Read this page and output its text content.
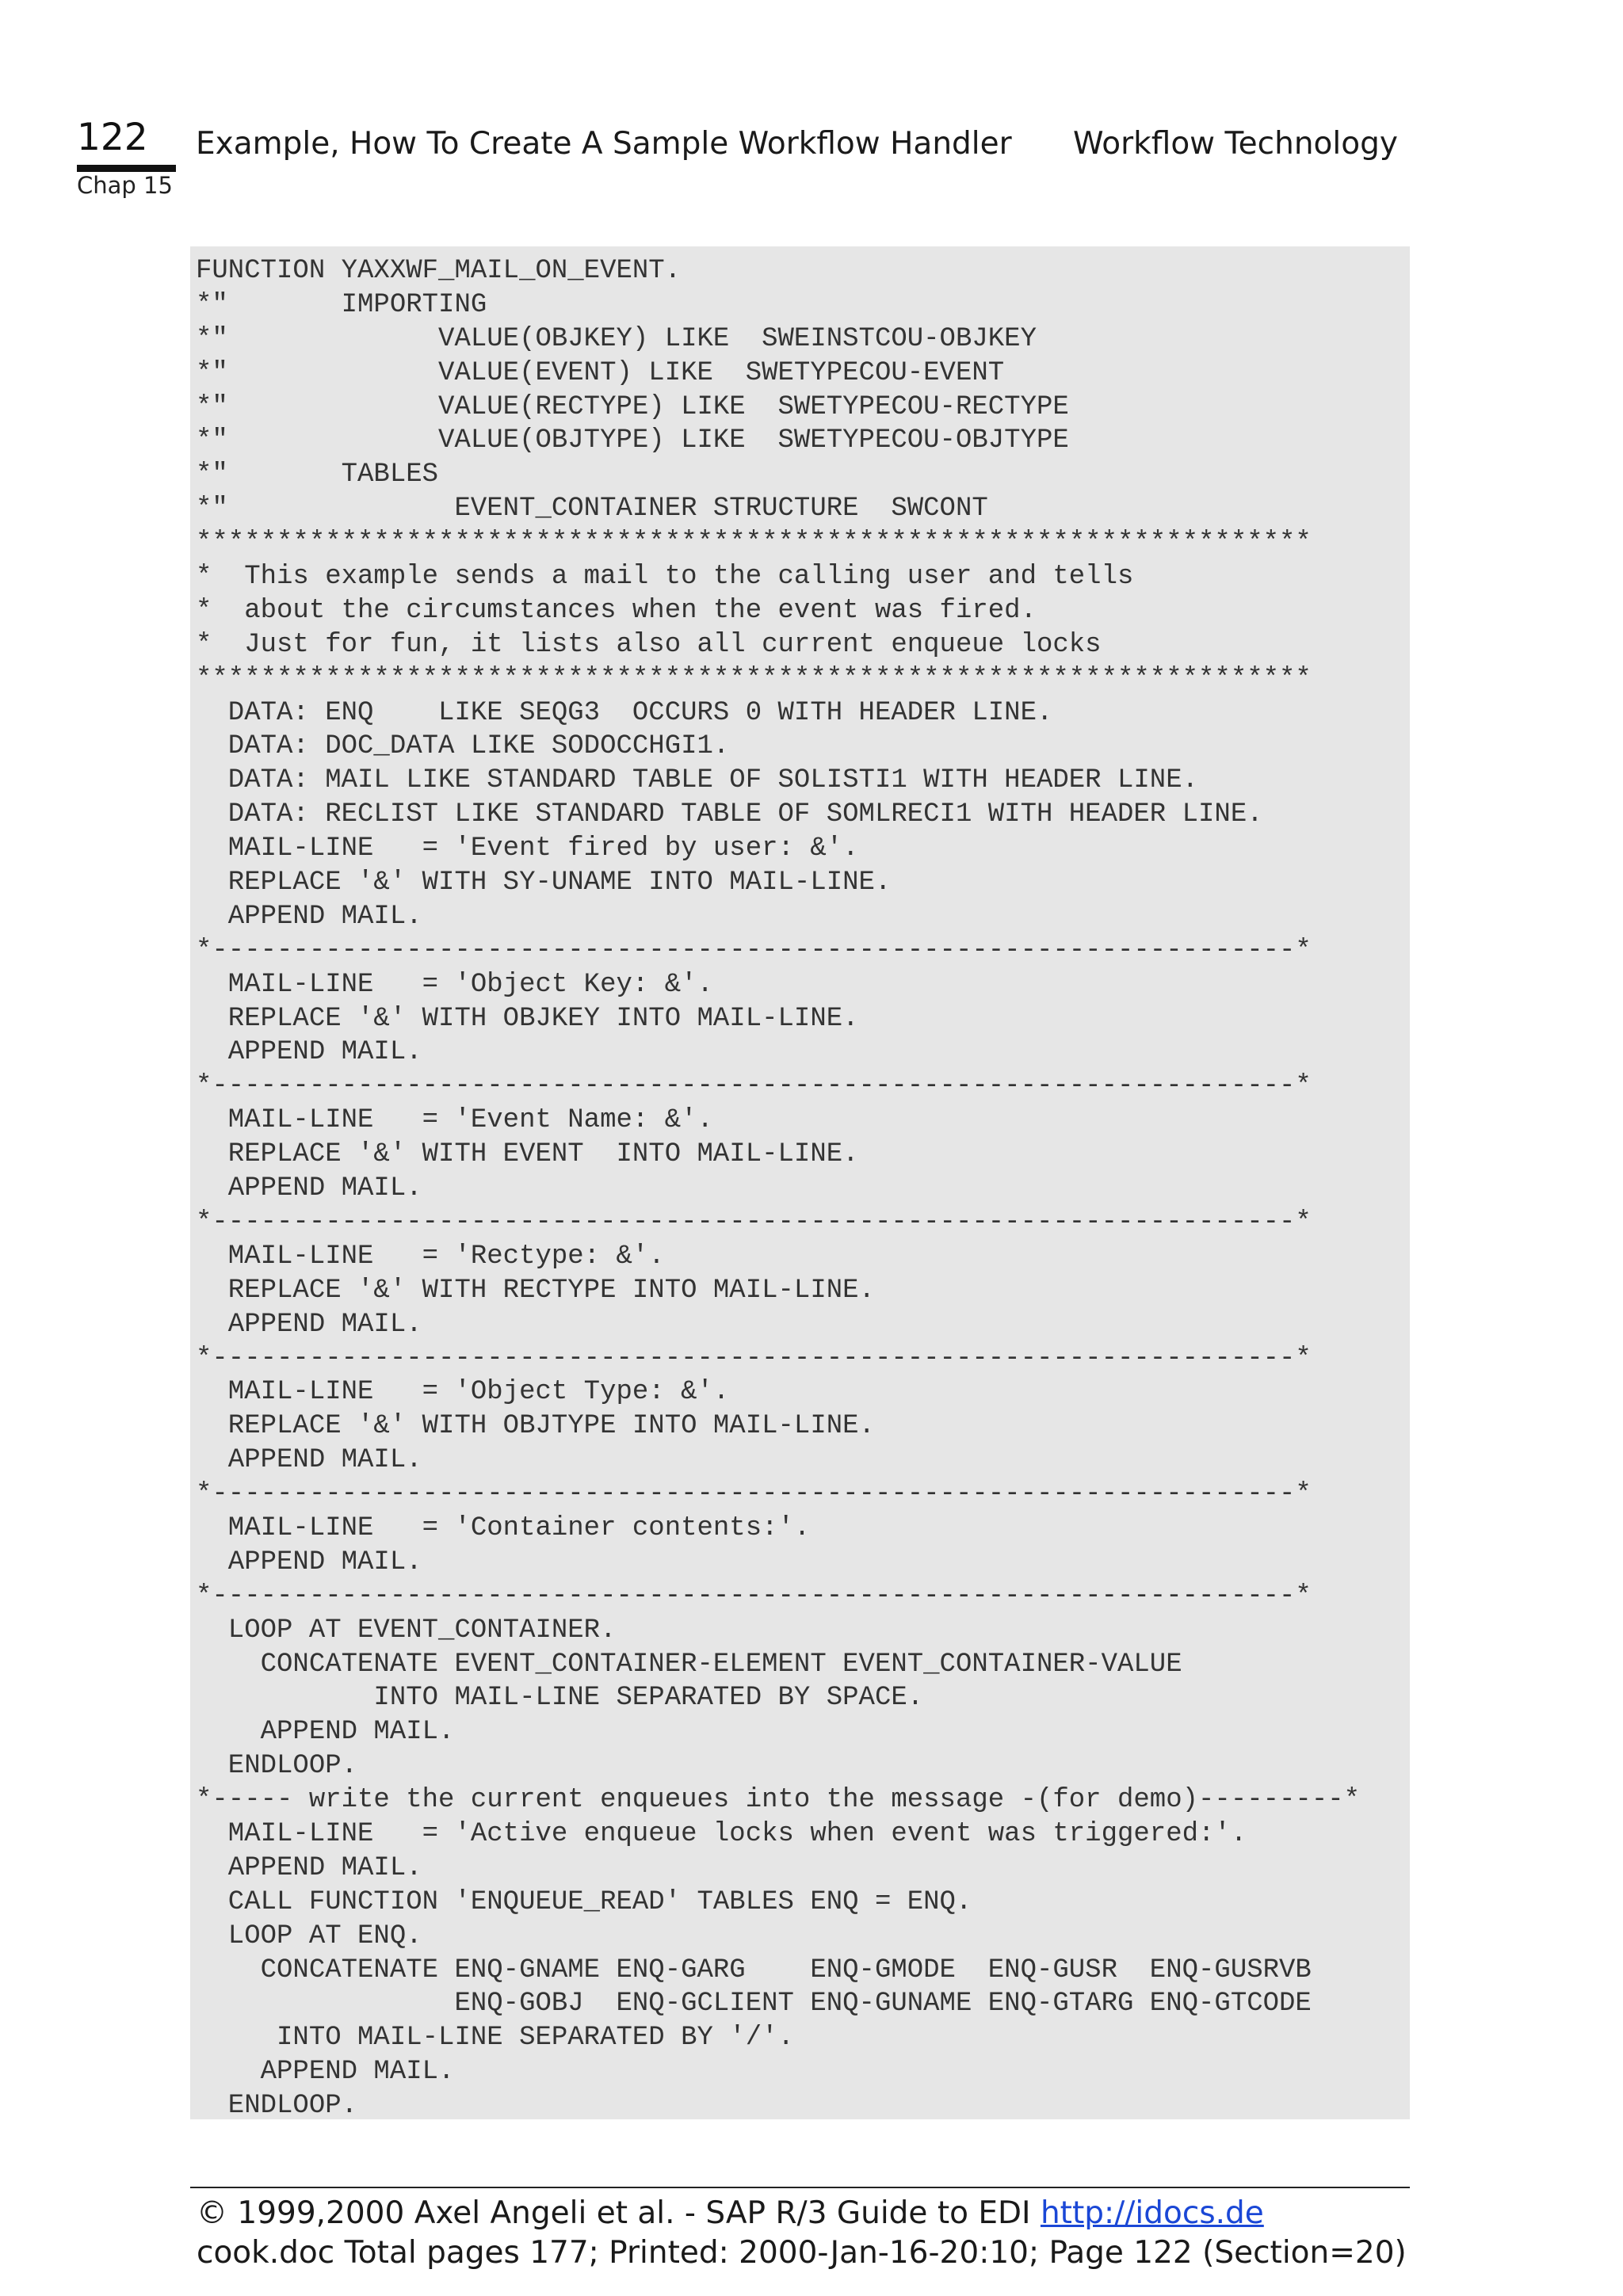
122
Chap 15
Example, How To Create A Sample Workflow Handler Workflow Technology
FUNCTION YAXXWF_MAIL_ON_EVENT.
*"       IMPORTING
*"             VALUE(OBJKEY) LIKE  SWEINSTCOU-OBJKEY
*"             VALUE(EVENT) LIKE  SWETYPECOU-EVENT
*"             VALUE(RECTYPE) LIKE  SWETYPECOU-RECTYPE
*"             VALUE(OBJTYPE) LIKE  SWETYPECOU-OBJTYPE
*"       TABLES
*"              EVENT_CONTAINER STRUCTURE  SWCONT
*********************************************************************
*  This example sends a mail to the calling user and tells
*  about the circumstances when the event was fired.
*  Just for fun, it lists also all current enqueue locks
*********************************************************************
DATA: ENQ    LIKE SEQG3  OCCURS 0 WITH HEADER LINE.
DATA: DOC_DATA LIKE SODOCCHGI1.
DATA: MAIL LIKE STANDARD TABLE OF SOLISTI1 WITH HEADER LINE.
DATA: RECLIST LIKE STANDARD TABLE OF SOMLRECI1 WITH HEADER LINE.
MAIL-LINE   = 'Event fired by user: &'.
REPLACE '&' WITH SY-UNAME INTO MAIL-LINE.
APPEND MAIL.
*-------------------------------------------------------------------*
MAIL-LINE   = 'Object Key: &'.
REPLACE '&' WITH OBJKEY INTO MAIL-LINE.
APPEND MAIL.
*-------------------------------------------------------------------*
MAIL-LINE   = 'Event Name: &'.
REPLACE '&' WITH EVENT  INTO MAIL-LINE.
APPEND MAIL.
*-------------------------------------------------------------------*
MAIL-LINE   = 'Rectype: &'.
REPLACE '&' WITH RECTYPE INTO MAIL-LINE.
APPEND MAIL.
*-------------------------------------------------------------------*
MAIL-LINE   = 'Object Type: &'.
REPLACE '&' WITH OBJTYPE INTO MAIL-LINE.
APPEND MAIL.
*-------------------------------------------------------------------*
MAIL-LINE   = 'Container contents:'.
APPEND MAIL.
*-------------------------------------------------------------------*
LOOP AT EVENT_CONTAINER.
CONCATENATE EVENT_CONTAINER-ELEMENT EVENT_CONTAINER-VALUE
INTO MAIL-LINE SEPARATED BY SPACE.
APPEND MAIL.
ENDLOOP.
*----- write the current enqueues into the message -(for demo)---------*
MAIL-LINE   = 'Active enqueue locks when event was triggered:'.
APPEND MAIL.
CALL FUNCTION 'ENQUEUE_READ' TABLES ENQ = ENQ.
LOOP AT ENQ.
CONCATENATE ENQ-GNAME ENQ-GARG    ENQ-GMODE  ENQ-GUSR  ENQ-GUSRVB
ENQ-GOBJ  ENQ-GCLIENT ENQ-GUNAME ENQ-GTARG ENQ-GTCODE
INTO MAIL-LINE SEPARATED BY '/'.
APPEND MAIL.
ENDLOOP.
© 1999,2000 Axel Angeli et al. - SAP R/3 Guide to EDI http://idocs.de
cook.doc Total pages 177; Printed: 2000-Jan-16-20:10; Page 122 (Section=20)
